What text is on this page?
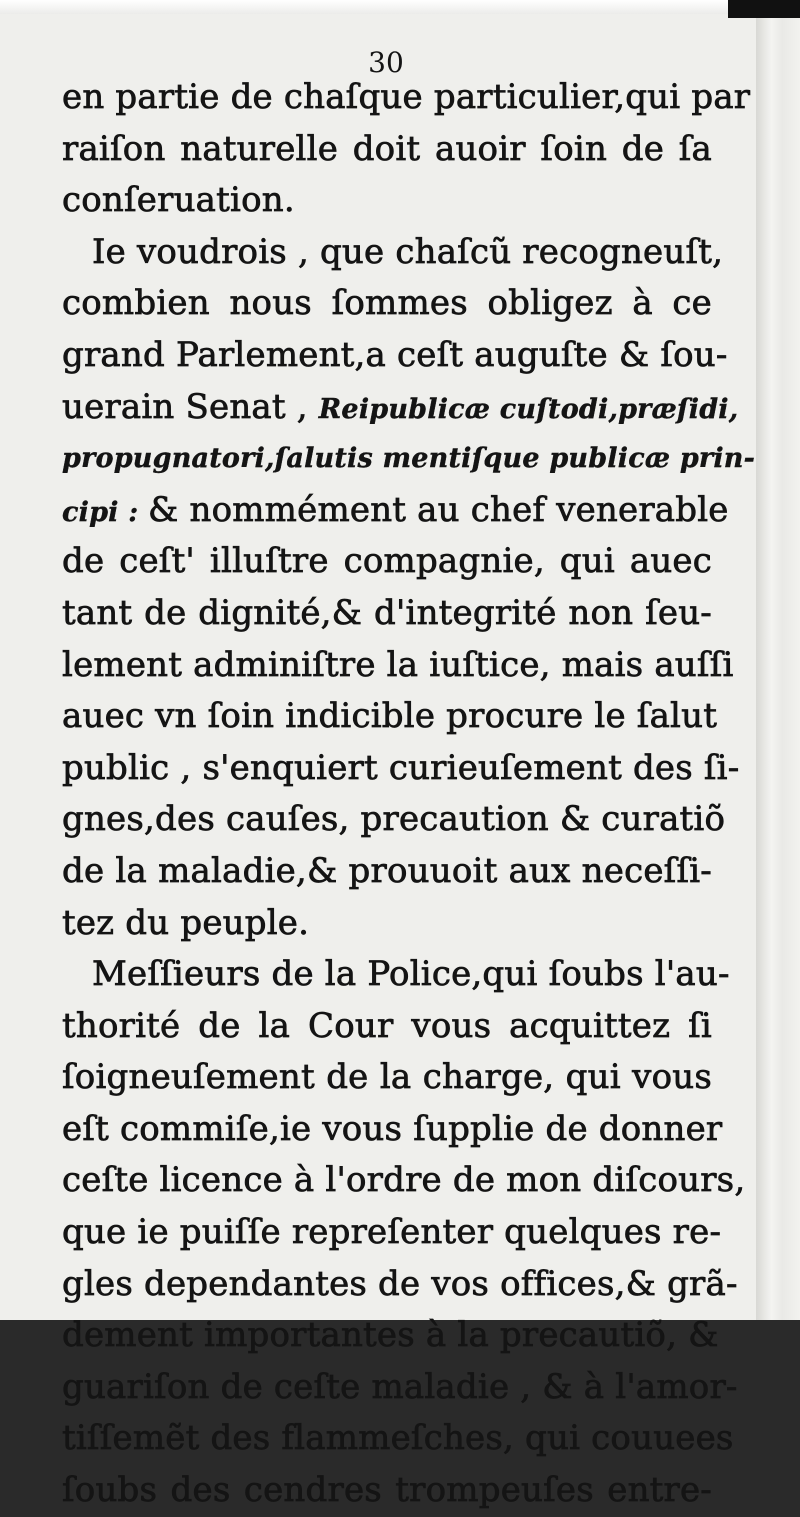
30
en partie de chaſque particulier,qui par
raiſon naturelle doit auoir ſoin de ſa
conſeruation.
Ie voudrois , que chaſcũ recogneuſt,
combien nous ſommes obligez à ce
grand Parlement,a ceſt auguſte & ſou-
uerain Senat , Reipublicæ cuſtodi,præſidi,
propugnatori,ſalutis mentiſque publicæ prin-
cipi : & nommément au chef venerable
de ceſt' illuſtre compagnie, qui auec
tant de dignité,& d'integrité non ſeu-
lement adminiſtre la iuſtice, mais auſſi
auec vn ſoin indicible procure le ſalut
public , s'enquiert curieuſement des ſi-
gnes,des cauſes, precaution & curatiõ
de la maladie,& prouuoit aux neceſſi-
tez du peuple.
Meſſieurs de la Police,qui ſoubs l'au-
thorité de la Cour vous acquittez ſi
ſoigneuſement de la charge, qui vous
eſt commiſe,ie vous ſupplie de donner
ceſte licence à l'ordre de mon diſcours,
que ie puiſſe repreſenter quelques re-
gles dependantes de vos offices,& grã-
dement importantes à la precautiõ, &
guariſon de ceſte maladie , & à l'amor-
tiſſemẽt des flammeſches, qui couuees
ſoubs des cendres trompeuſes entre-
